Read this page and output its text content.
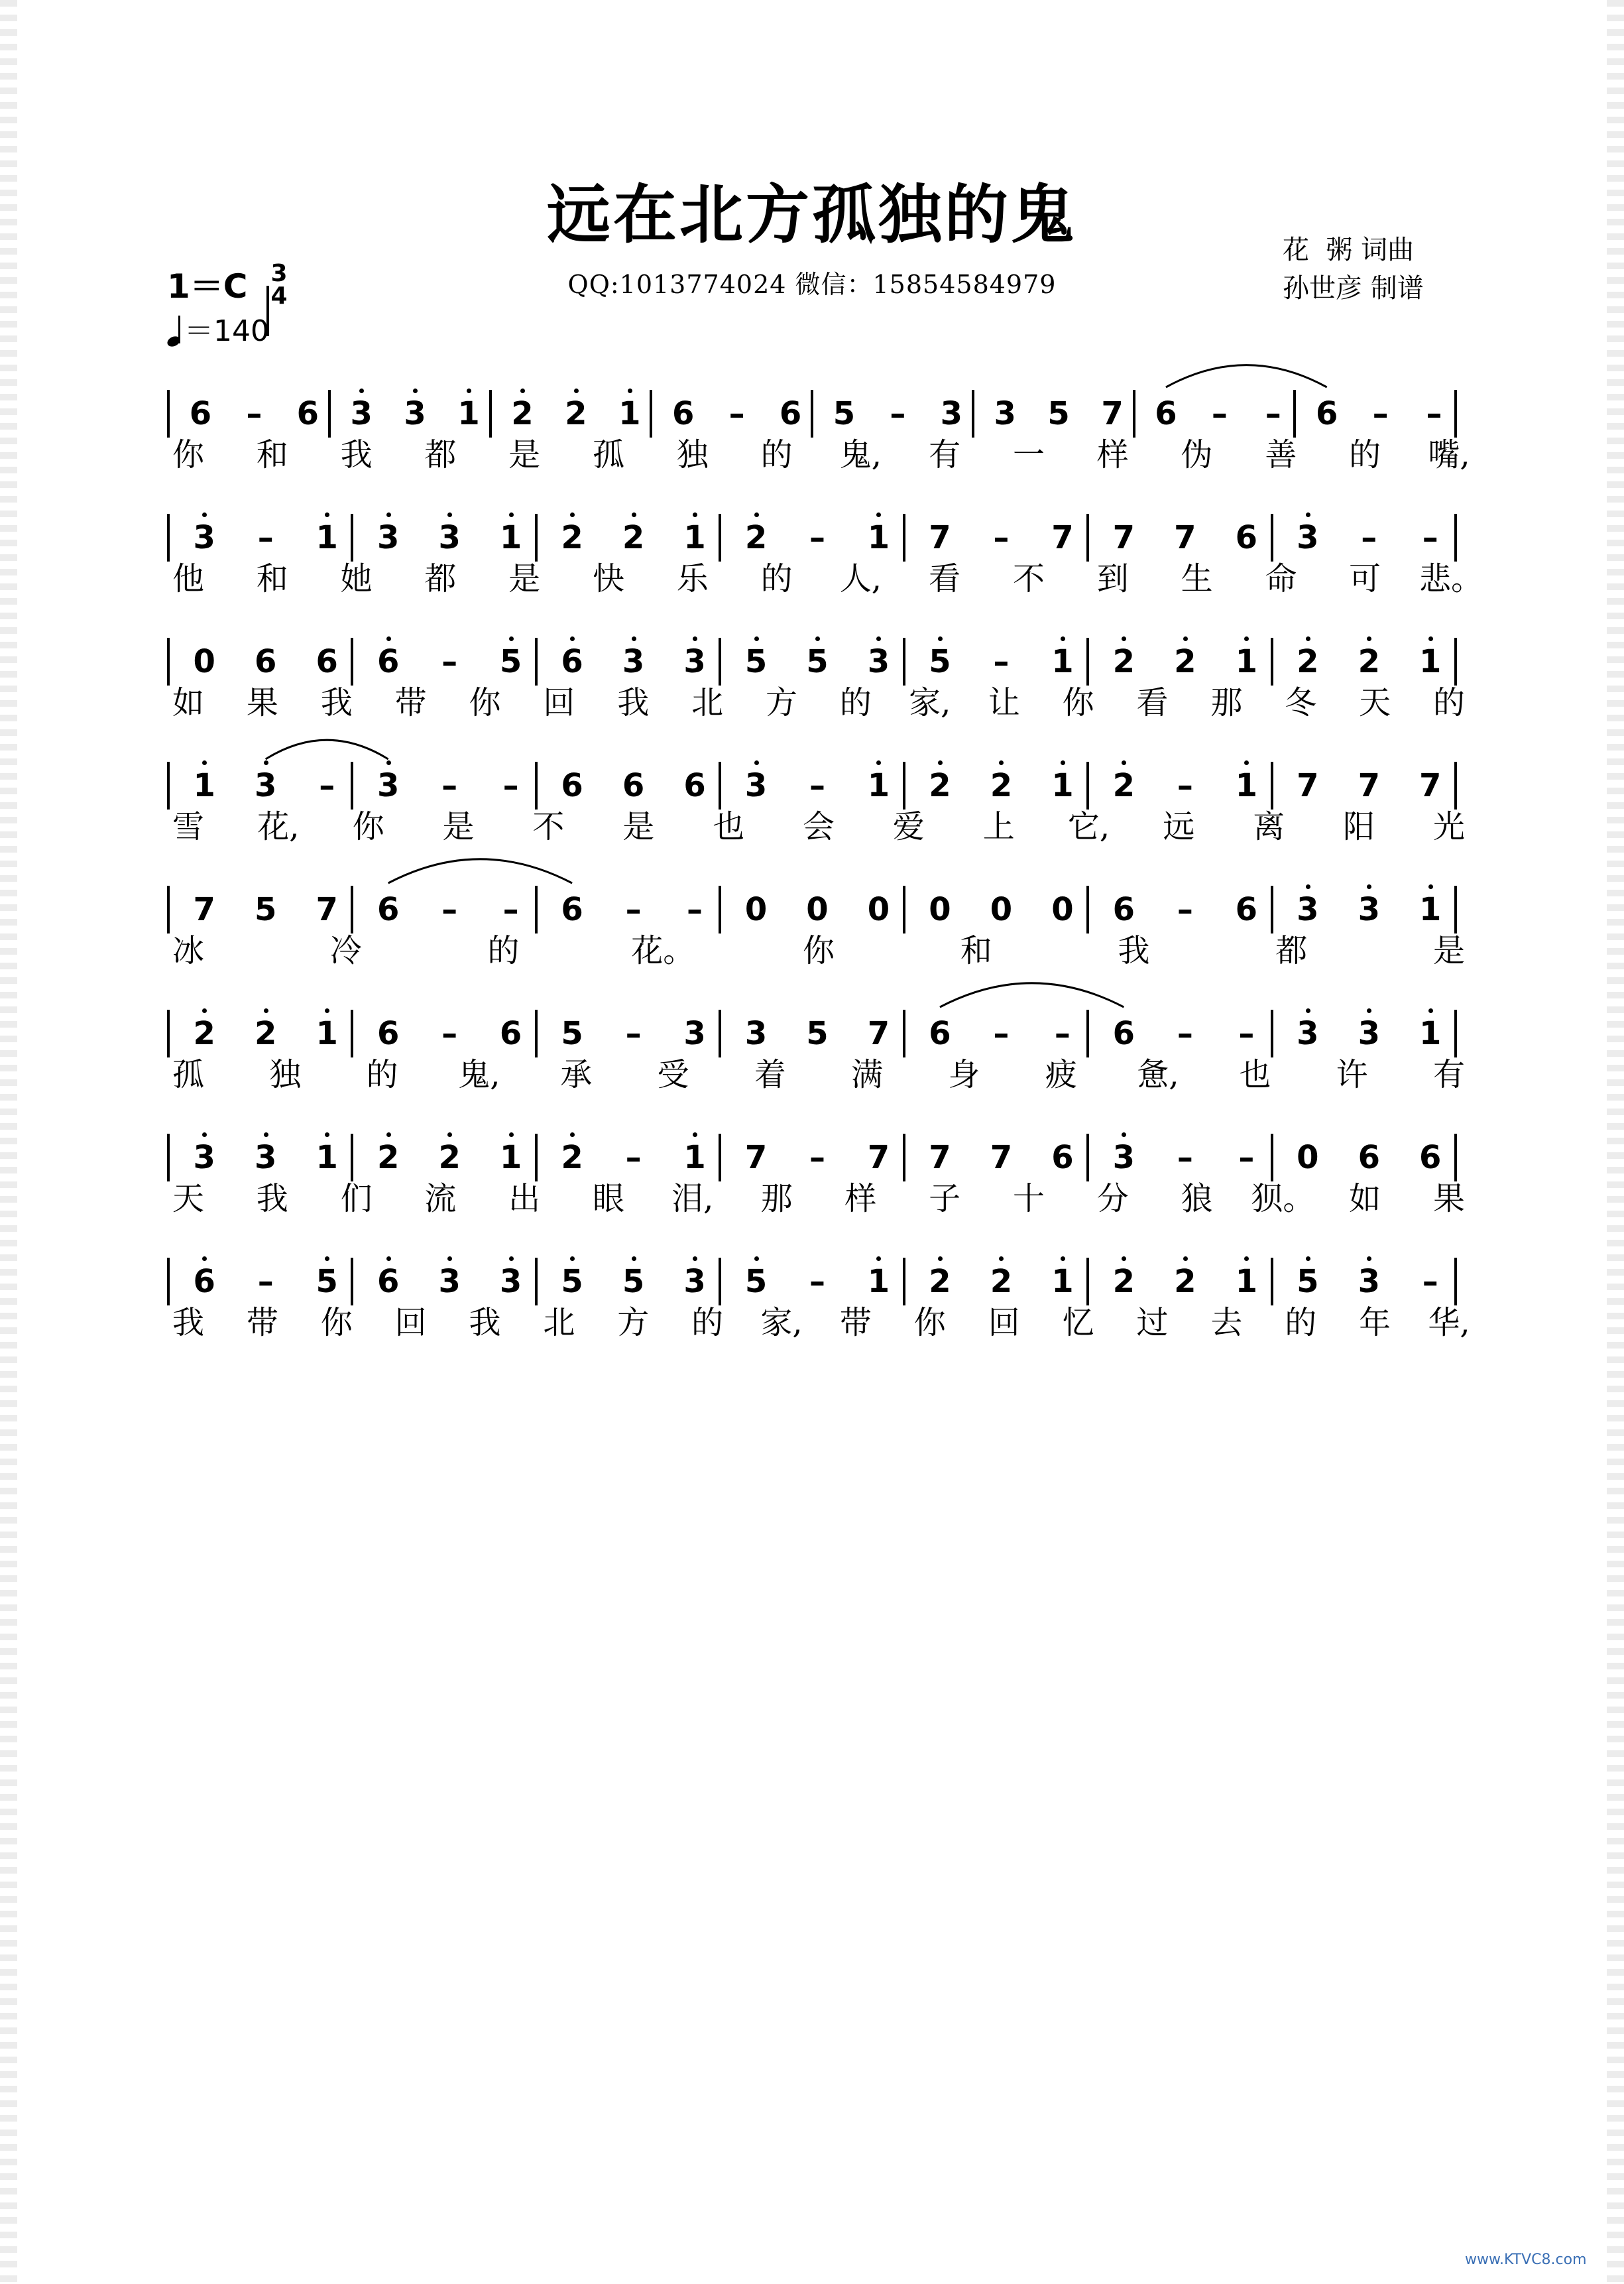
远在北方孤独的鬼
QQ:1013774024 微信：15854584979
花  粥 词曲
孙世彦 制谱
1＝C 3
4
＝140
6	–	6 3 3 1 2 2 1 6	–	6 5	–	3 3 5 7 6	–	–	6	–	–
你	和	我	都	是	孤	独	的	鬼,	有	一	样	伪	善	的	嘴,
3	–	1 3 3 1 2 2 1 2	–	1 7	–	7 7 7 6 3	–	–
他	和	她	都	是	快	乐	的	人,	看	不	到	生	命	可	悲。
0 6 6 6	–	5 6 3 3 5 5 3 5	–	1 2 2 1 2 2 1
如	果	我	带	你	回	我	北	方	的	家,	让	你	看	那	冬	天	的
1 3	–	3	–	–	6 6 6 3	–	1 2 2 1 2	–	1 7 7 7
雪	花,	你	是	不	是	也	会	爱	上	它,	远	离	阳	光
7 5 7 6	–	–	6	–	–	0 0 0 0 0 0 6	–	6 3 3 1
冰	冷	的	花。	你	和	我	都	是
2 2 1 6	–	6 5	–	3 3 5 7 6	–	–	6	–	–	3 3 1
孤	独	的	鬼,	承	受	着	满	身	疲	惫,	也	许	有
3 3 1 2 2 1 2	–	1 7	–	7 7 7 6 3	–	–	0 6 6
天	我	们	流	出	眼	泪,	那	样	子	十	分	狼	狈。	如	果
6	–	5 6 3 3 5 5 3 5	–	1 2 2 1 2 2 1 5 3	–
我	带	你	回	我	北	方	的	家,	带	你	回	忆	过	去	的	年	华,
www.KTVC8.com
